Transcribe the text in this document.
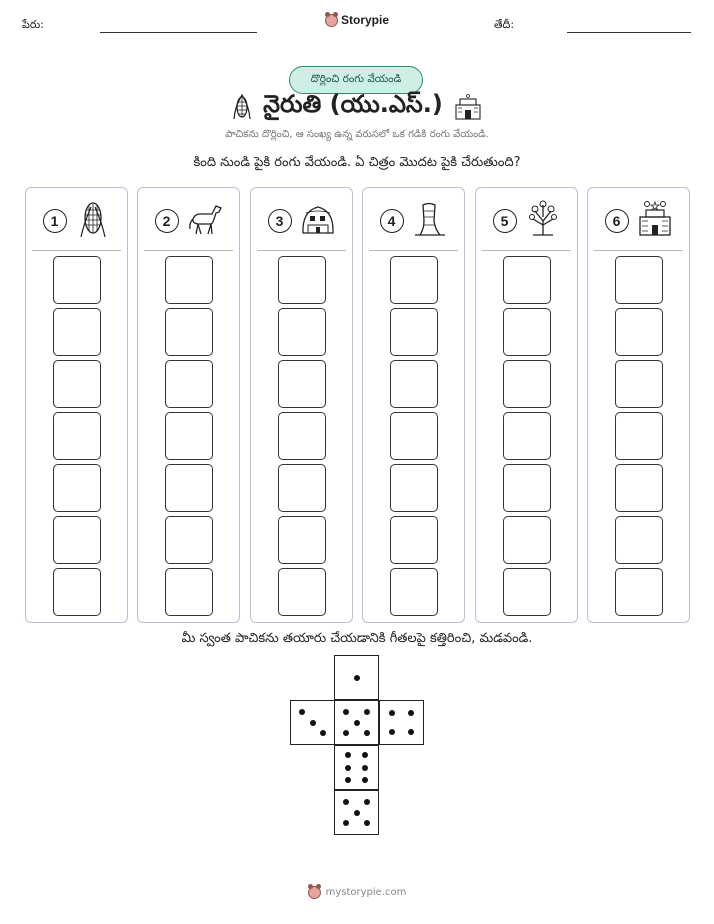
పేరు:	Storypie	తేదీ:
దొర్లించి రంగు వేయండి
నైరుతి (యు.ఎస్.)
పాచికను దొర్లించి, ఆ సంఖ్య ఉన్న వరుసలో ఒక గడికి రంగు వేయండి.
కింది నుండి పైకి రంగు వేయండి. ఏ చిత్రం మొదట పైకి చేరుతుంది?
1	2	3	4	5	6
మీ స్వంత పాచికను తయారు చేయడానికి గీతలపై కత్తిరించి, మడవండి.
mystorypie.com
